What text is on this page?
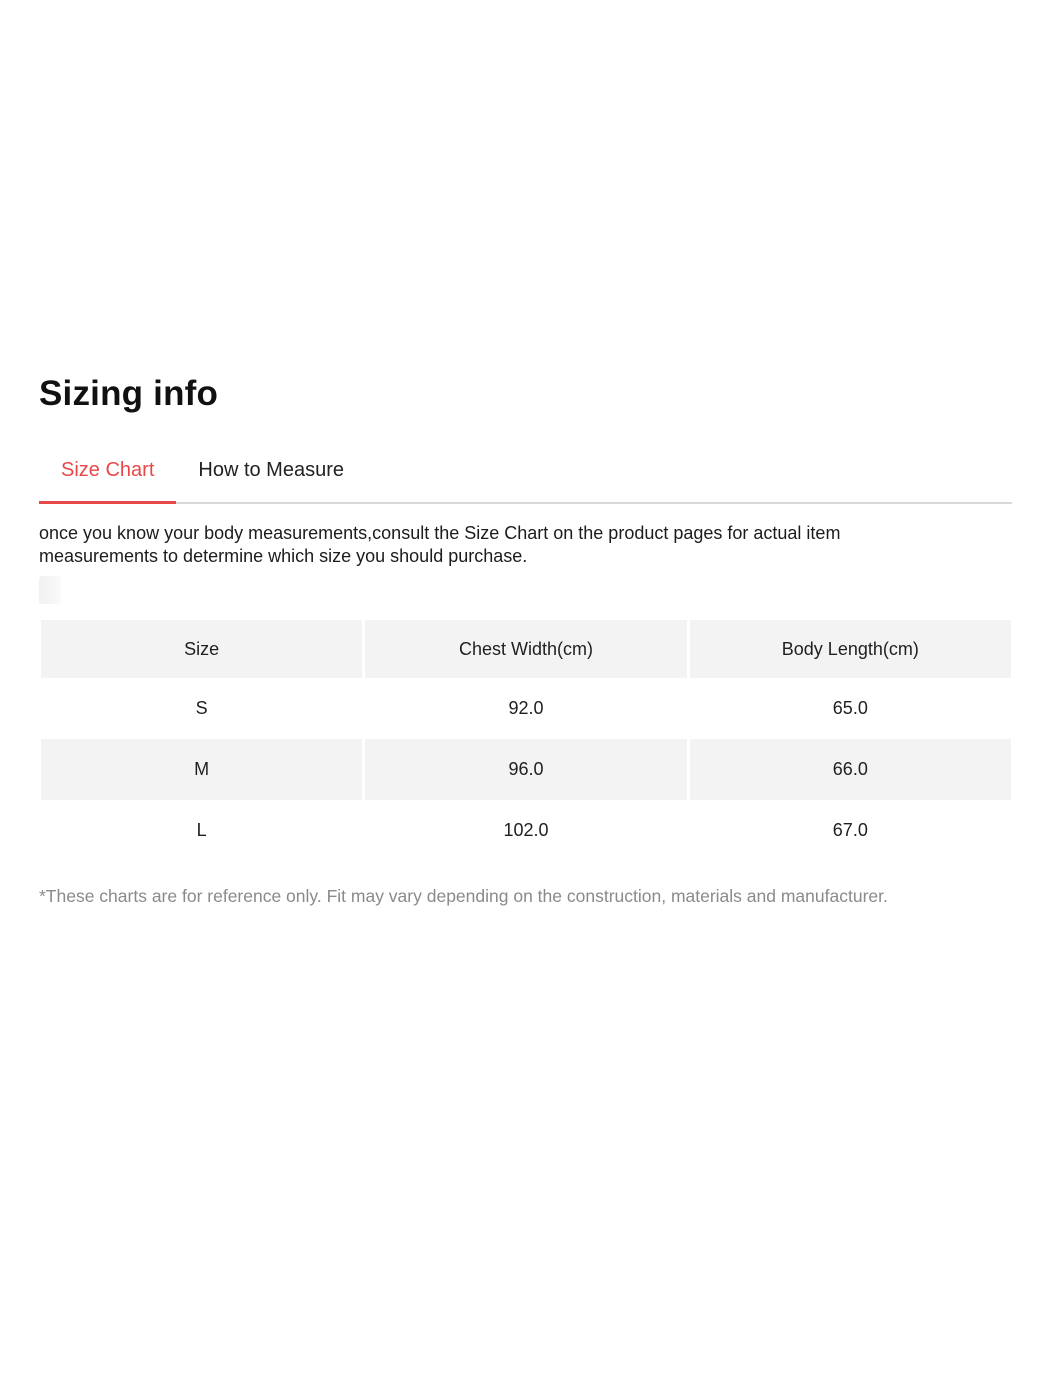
Sizing info
Size Chart	How to Measure

once you know your body measurements,consult the Size Chart on the product pages for actual item measurements to determine which size you should purchase.

Size	Chest Width(cm)	Body Length(cm)
S	92.0	65.0
M	96.0	66.0
L	102.0	67.0

*These charts are for reference only. Fit may vary depending on the construction, materials and manufacturer.
